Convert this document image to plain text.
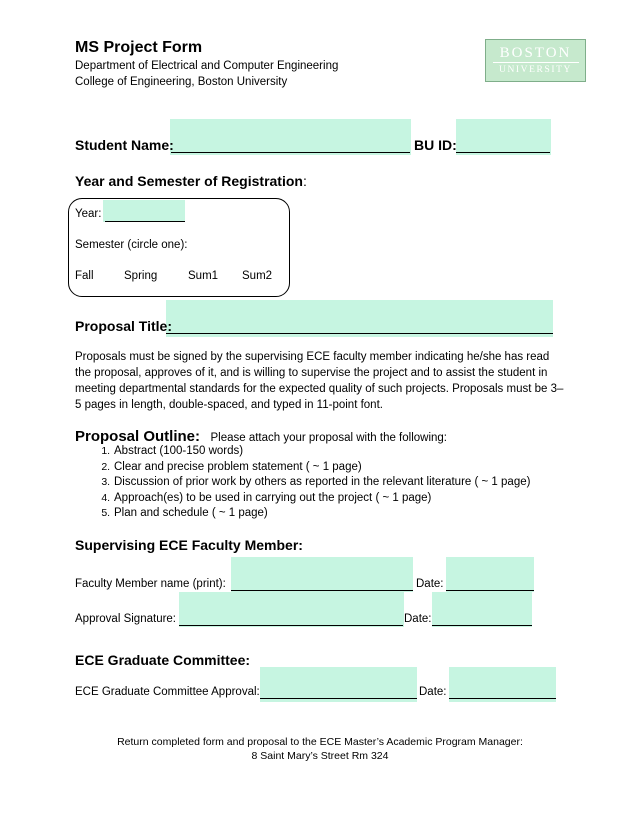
MS Project Form
Department of Electrical and Computer Engineering
College of Engineering, Boston University
BOSTON
UNIVERSITY
Student Name:	BU ID:
Year and Semester of Registration:
Year:
Semester (circle one):
Fall	Spring	Sum1 Sum2
Proposal Title:
Proposals must be signed by the supervising ECE faculty member indicating he/she has read the proposal, approves of it, and is willing to supervise the project and to assist the student in meeting departmental standards for the expected quality of such projects. Proposals must be 3–5 pages in length, double-spaced, and typed in 11-point font.
Proposal Outline: Please attach your proposal with the following:
1. Abstract (100-150 words)
2. Clear and precise problem statement ( ~ 1 page)
3. Discussion of prior work by others as reported in the relevant literature ( ~ 1 page)
4. Approach(es) to be used in carrying out the project ( ~ 1 page)
5. Plan and schedule ( ~ 1 page)
Supervising ECE Faculty Member:
Faculty Member name (print):	Date:
Approval Signature:	Date:
ECE Graduate Committee:
ECE Graduate Committee Approval:	Date:
Return completed form and proposal to the ECE Master’s Academic Program Manager:
8 Saint Mary’s Street Rm 324
